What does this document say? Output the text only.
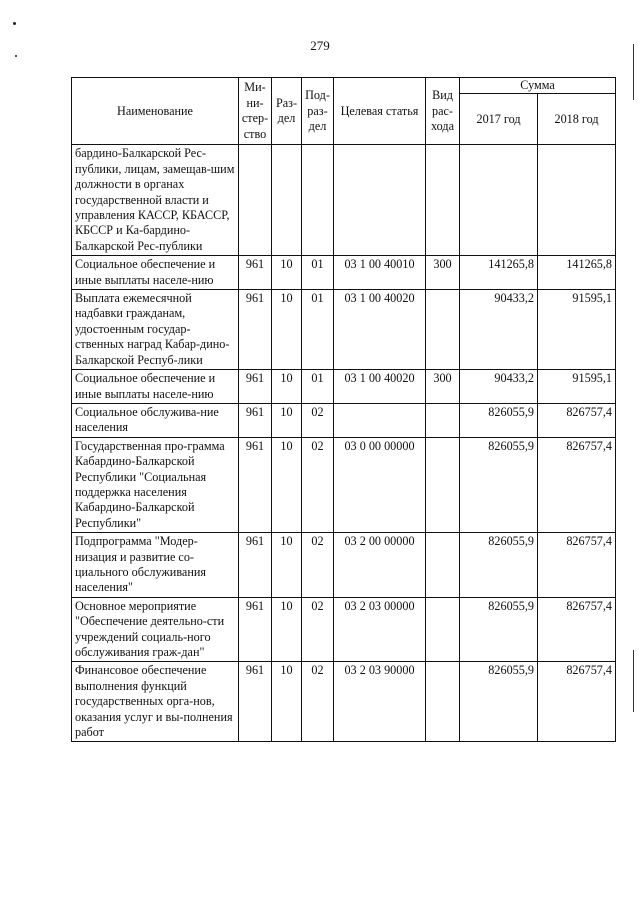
279
Наименование	Ми-ни-стер-ство	Раз-дел	Под-раз-дел	Целевая статья	Вид рас-хода	Сумма	
						2017 год	2018 год
бардино-Балкарской Рес-публики, лицам, замещав-шим должности в органах государственной власти и управления КАССР, КБАССР, КБССР и Ка-бардино-Балкарской Рес-публики							
Социальное обеспечение и иные выплаты населе-нию	961	10	01	03 1 00 40010	300	141265,8	141265,8
Выплата ежемесячной надбавки гражданам, удостоенным государ-ственных наград Кабар-дино-Балкарской Респуб-лики	961	10	01	03 1 00 40020		90433,2	91595,1
Социальное обеспечение и иные выплаты населе-нию	961	10	01	03 1 00 40020	300	90433,2	91595,1
Социальное обслужива-ние населения	961	10	02			826055,9	826757,4
Государственная про-грамма Кабардино-Балкарской Республики "Социальная поддержка населения Кабардино-Балкарской Республики"	961	10	02	03 0 00 00000		826055,9	826757,4
Подпрограмма "Модер-низация и развитие со-циального обслуживания населения"	961	10	02	03 2 00 00000		826055,9	826757,4
Основное мероприятие "Обеспечение деятельно-сти учреждений социаль-ного обслуживания граж-дан"	961	10	02	03 2 03 00000		826055,9	826757,4
Финансовое обеспечение выполнения функций государственных орга-нов, оказания услуг и вы-полнения работ	961	10	02	03 2 03 90000		826055,9	826757,4
